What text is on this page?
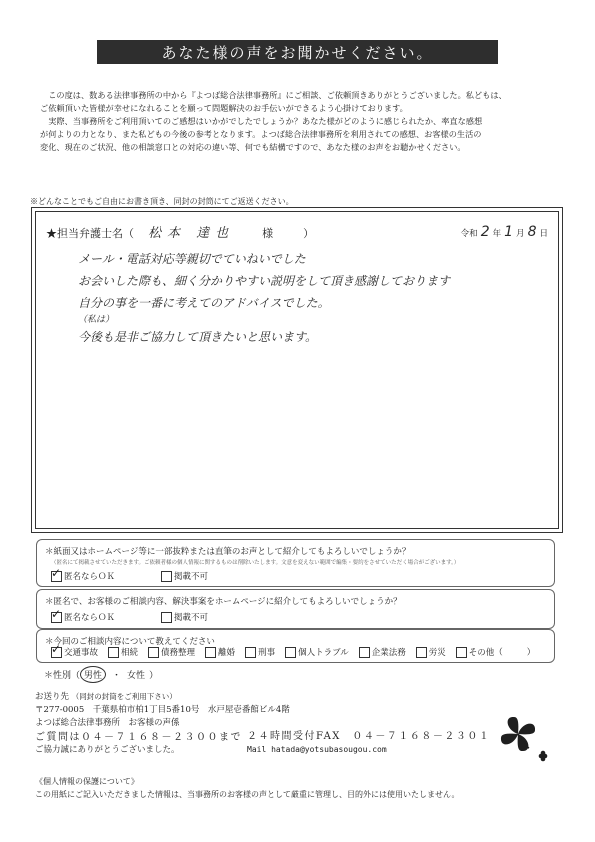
あなた様の声をお聞かせください。

この度は、数ある法律事務所の中から『よつば総合法律事務所』にご相談、ご依頼頂きありがとうございました。私どもは、

ご依頼頂いた皆様が幸せになれることを願って問題解決のお手伝いができるよう心掛けております。

実際、当事務所をご利用頂いてのご感想はいかがでしたでしょうか？あなた様がどのように感じられたか、率直な感想

が何よりの力となり、また私どもの今後の参考となります。よつば総合法律事務所を利用されての感想、お客様の生活の

変化、現在のご状況、他の相談窓口との対応の違い等、何でも結構ですので、あなた様のお声をお聴かせください。

※どんなことでもご自由にお書き頂き、同封の封筒にてご返送ください。
★担当弁護士名（ 松本 達也	様	）	令和 2 年 1 月 8 日
メール・電話対応等親切でていねいでした
お会いした際も、細く分かりやすい説明をして頂き感謝しております
自分の事を一番に考えてのアドバイスでした。
（私は）
今後も是非ご協力して頂きたいと思います。
＊紙面又はホームページ等に一部抜粋または直筆のお声として紹介してもよろしいでしょうか？
（匿名にて掲載させていただきます。ご依頼者様の個人情報に関するものは削除いたします。文意を変えない範囲で編集・要約をさせていただく場合がございます。）
✓
匿名ならＯＫ	掲載不可
＊匿名で、お客様のご相談内容、解決事案をホームページに紹介してもよろしいでしょうか？
✓
匿名ならＯＫ	掲載不可
＊今回のご相談内容について教えてください
✓
交通事故	相続	債務整理	離婚	刑事	個人トラブル	企業法務	労災	その他（	）
＊性別（ 男性	・ 女性 ）
お送り先 （同封の封筒をご利用下さい）
〒277-0005　千葉県柏市柏1丁目5番10号　水戸屋壱番館ビル4階
よつば総合法律事務所　お客様の声係
ご質問は０４－７１６８－２３００まで
ご協力誠にありがとうございました。
２４時間受付FAX　０４－７１６８－２３０１
Mail hatada@yotsubasougou.com
《個人情報の保護について》
この用紙にご記入いただきました情報は、当事務所のお客様の声として厳重に管理し、目的外には使用いたしません。
